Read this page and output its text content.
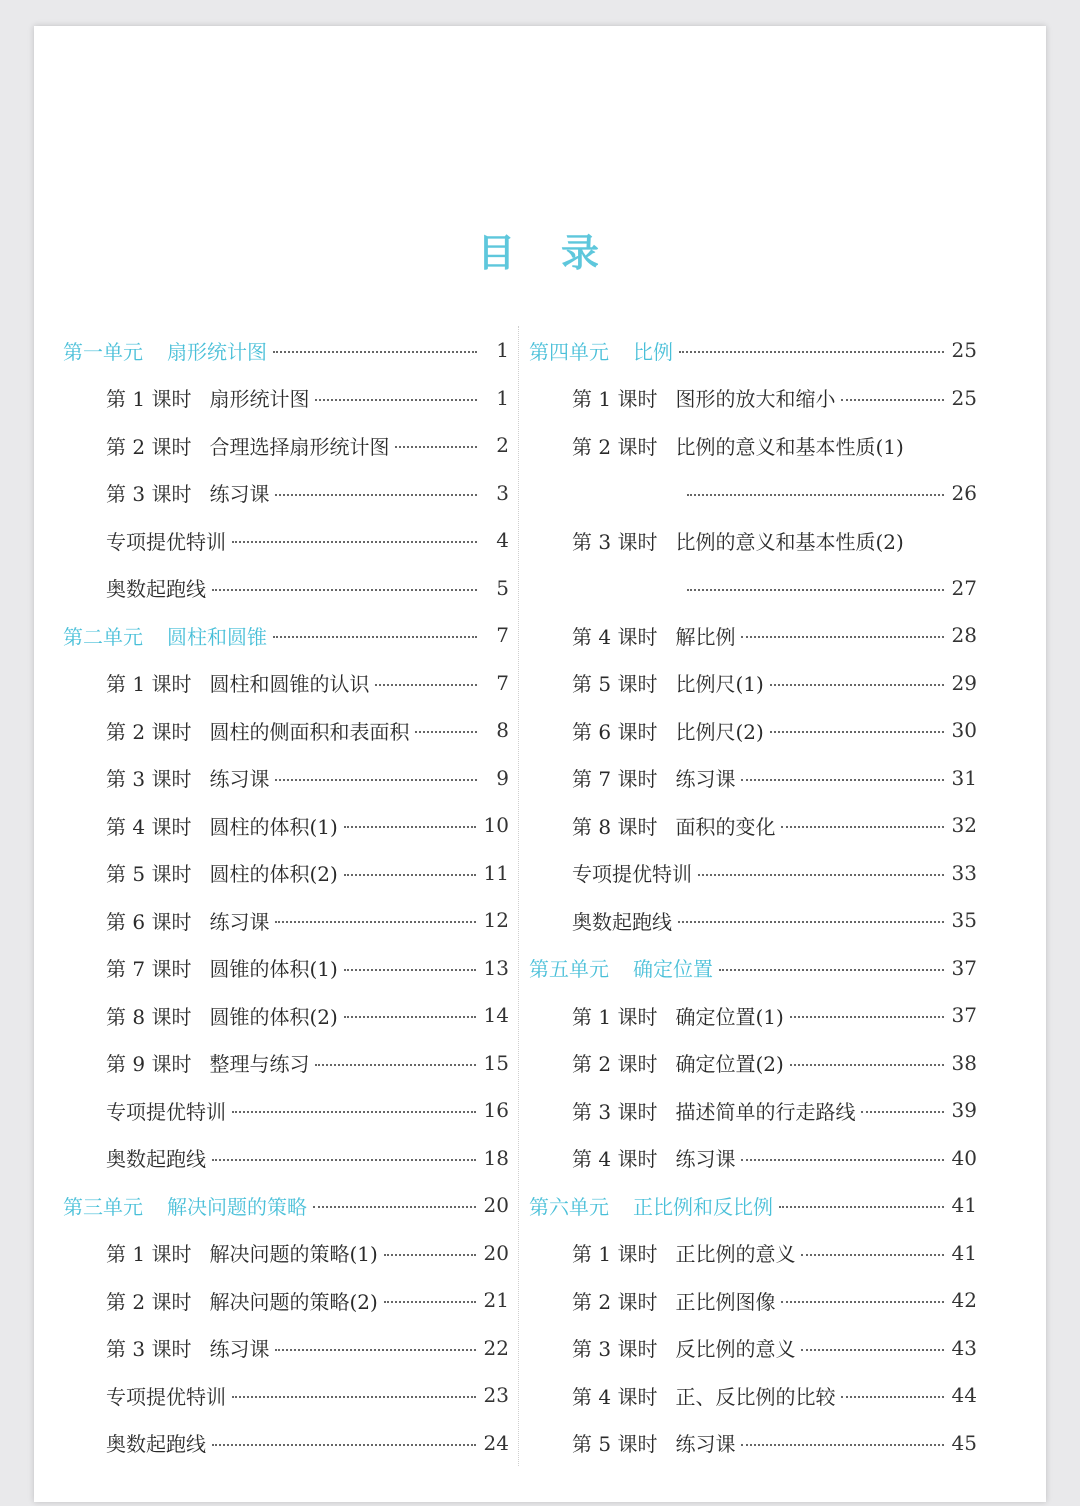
目 录
第一单元 扇形统计图	1
第 1 课时 扇形统计图	1
第 2 课时 合理选择扇形统计图	2
第 3 课时 练习课	3
专项提优特训	4
奥数起跑线	5
第二单元 圆柱和圆锥	7
第 1 课时 圆柱和圆锥的认识	7
第 2 课时 圆柱的侧面积和表面积	8
第 3 课时 练习课	9
第 4 课时 圆柱的体积(1)	10
第 5 课时 圆柱的体积(2)	11
第 6 课时 练习课	12
第 7 课时 圆锥的体积(1)	13
第 8 课时 圆锥的体积(2)	14
第 9 课时 整理与练习	15
专项提优特训	16
奥数起跑线	18
第三单元 解决问题的策略	20
第 1 课时 解决问题的策略(1)	20
第 2 课时 解决问题的策略(2)	21
第 3 课时 练习课	22
专项提优特训	23
奥数起跑线	24
第四单元 比例	25
第 1 课时 图形的放大和缩小	25
第 2 课时 比例的意义和基本性质(1)
26
第 3 课时 比例的意义和基本性质(2)
27
第 4 课时 解比例	28
第 5 课时 比例尺(1)	29
第 6 课时 比例尺(2)	30
第 7 课时 练习课	31
第 8 课时 面积的变化	32
专项提优特训	33
奥数起跑线	35
第五单元 确定位置	37
第 1 课时 确定位置(1)	37
第 2 课时 确定位置(2)	38
第 3 课时 描述简单的行走路线	39
第 4 课时 练习课	40
第六单元 正比例和反比例	41
第 1 课时 正比例的意义	41
第 2 课时 正比例图像	42
第 3 课时 反比例的意义	43
第 4 课时 正、反比例的比较	44
第 5 课时 练习课	45
